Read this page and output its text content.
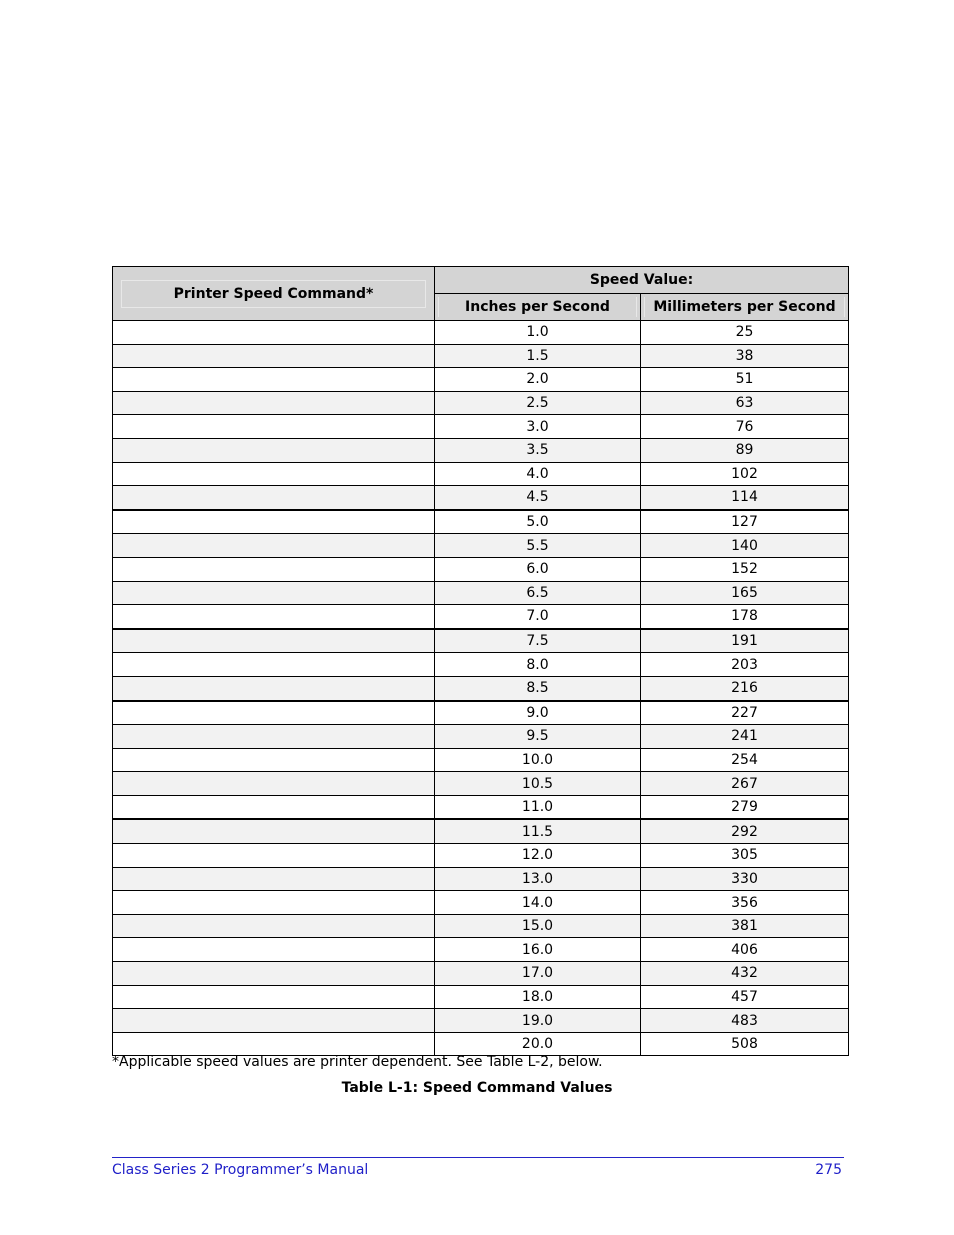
Printer Speed Command*	Speed Value:	

	Inches per Second	Millimeters per Second

	1.0	25
	1.5	38
	2.0	51
	2.5	63
	3.0	76
	3.5	89
	4.0	102
	4.5	114
	5.0	127
	5.5	140
	6.0	152
	6.5	165
	7.0	178
	7.5	191
	8.0	203
	8.5	216
	9.0	227
	9.5	241
	10.0	254
	10.5	267
	11.0	279
	11.5	292
	12.0	305
	13.0	330
	14.0	356
	15.0	381
	16.0	406
	17.0	432
	18.0	457
	19.0	483
	20.0	508
*Applicable speed values are printer dependent. See Table L-2, below.
Table L-1: Speed Command Values
Class Series 2 Programmer’s Manual	275
